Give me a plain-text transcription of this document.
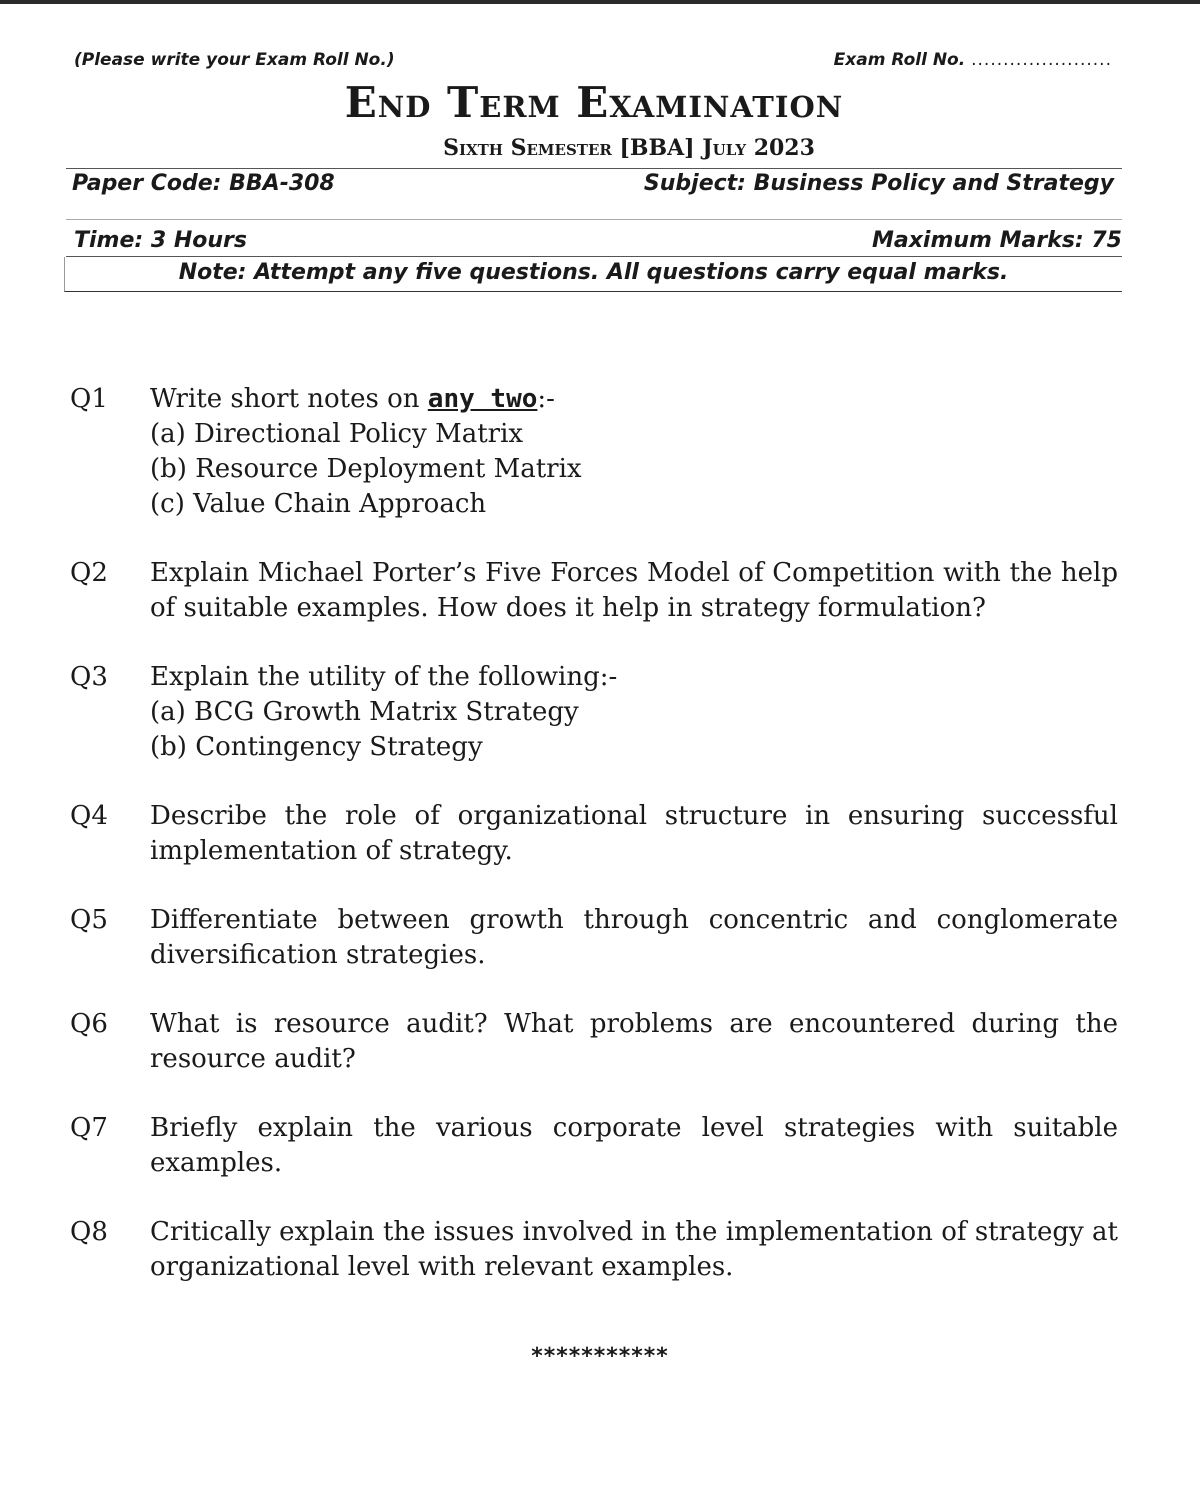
(Please write your Exam Roll No.)	Exam Roll No. ......................
End Term Examination
Sixth Semester [BBA] July 2023
Paper Code: BBA-308	Subject: Business Policy and Strategy
Time: 3 Hours	Maximum Marks: 75
Note: Attempt any five questions. All questions carry equal marks.
Q1	Write short notes on any two:-
(a) Directional Policy Matrix
(b) Resource Deployment Matrix
(c) Value Chain Approach
Q2	Explain Michael Porter’s Five Forces Model of Competition with the help of suitable examples. How does it help in strategy formulation?
Q3	Explain the utility of the following:-
(a) BCG Growth Matrix Strategy
(b) Contingency Strategy
Q4	Describe the role of organizational structure in ensuring successful implementation of strategy.
Q5	Differentiate between growth through concentric and conglomerate diversification strategies.
Q6	What is resource audit? What problems are encountered during the resource audit?
Q7	Briefly explain the various corporate level strategies with suitable examples.
Q8	Critically explain the issues involved in the implementation of strategy at organizational level with relevant examples.
***********
